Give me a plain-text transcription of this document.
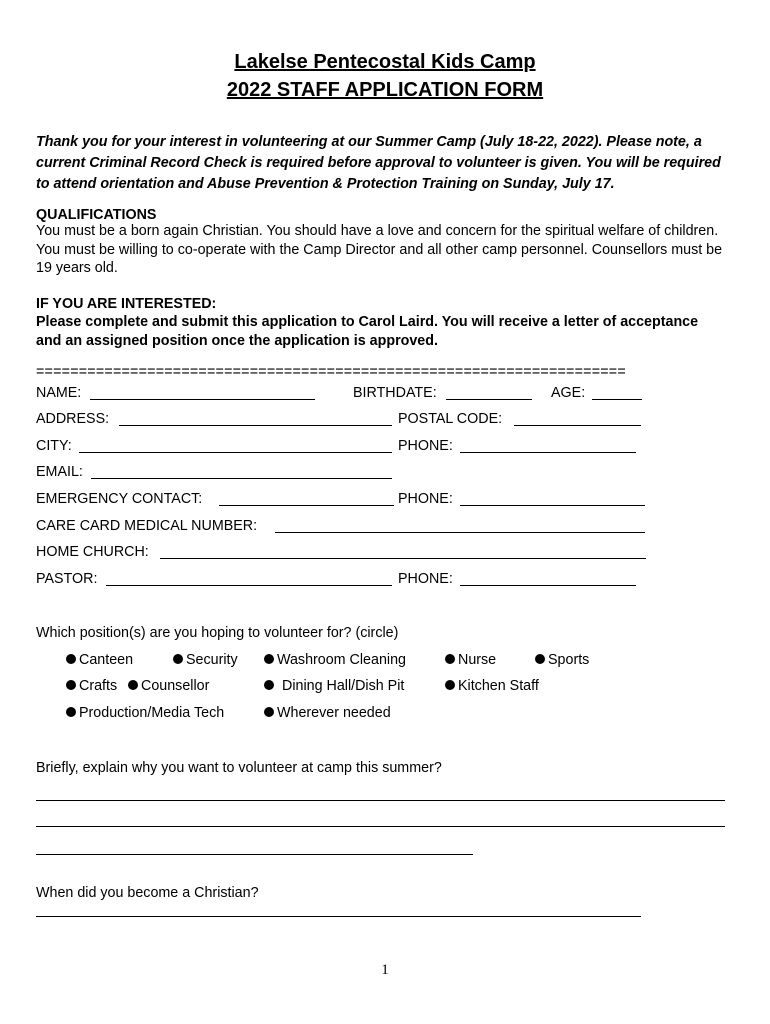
Lakelse Pentecostal Kids Camp
2022 STAFF APPLICATION FORM
Thank you for your interest in volunteering at our Summer Camp (July 18-22, 2022). Please note, a current Criminal Record Check is required before approval to volunteer is given. You will be required to attend orientation and Abuse Prevention & Protection Training on Sunday, July 17.
QUALIFICATIONS
You must be a born again Christian. You should have a love and concern for the spiritual welfare of children. You must be willing to co-operate with the Camp Director and all other camp personnel. Counsellors must be 19 years old.
IF YOU ARE INTERESTED:
Please complete and submit this application to Carol Laird. You will receive a letter of acceptance and an assigned position once the application is approved.
=====================================================================
NAME:	BIRTHDATE:	AGE:
ADDRESS:	POSTAL CODE:
CITY:	PHONE:
EMAIL:
EMERGENCY CONTACT:	PHONE:
CARE CARD MEDICAL NUMBER:
HOME CHURCH:
PASTOR:	PHONE:
Which position(s) are you hoping to volunteer for? (circle)
Canteen	Security	Washroom Cleaning	Nurse	Sports
Crafts	Counsellor	Dining Hall/Dish Pit	Kitchen Staff
Production/Media Tech	Wherever needed
Briefly, explain why you want to volunteer at camp this summer?
When did you become a Christian?
1
